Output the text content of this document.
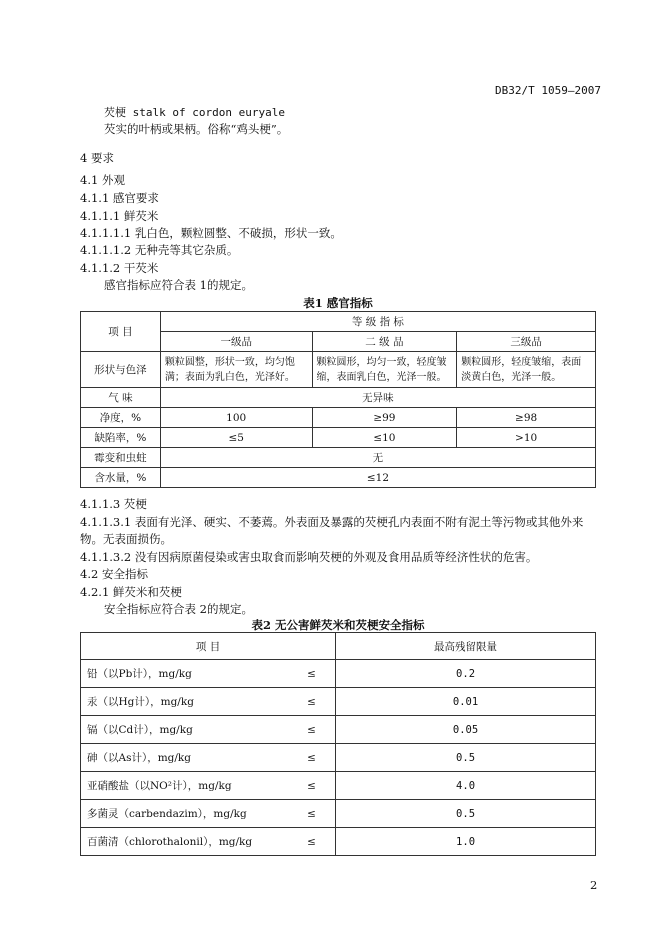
DB32/T 1059—2007
芡梗 stalk of cordon euryale
芡实的叶柄或果柄。俗称“鸡头梗”。
4 要求
4.1 外观
4.1.1 感官要求
4.1.1.1 鲜芡米
4.1.1.1.1 乳白色，颗粒圆整、不破损，形状一致。
4.1.1.1.2 无种壳等其它杂质。
4.1.1.2 干芡米
感官指标应符合表 1的规定。
表1 感官指标
项 目	等 级 指 标		
	一级品	二 级 品	三级品
形状与色泽	颗粒圆整，形状一致，均匀饱满；表面为乳白色，光泽好。	颗粒圆形，均匀一致，轻度皱缩，表面乳白色，光泽一般。	颗粒圆形，轻度皱缩，表面淡黄白色，光泽一般。
气 味	无异味		
净度，%	100	≥99	≥98
缺陷率，%	≤5	≤10	>10
霉变和虫蛀	无		
含水量，%	≤12		
4.1.1.3 芡梗
4.1.1.3.1 表面有光泽、硬实、不萎蔫。外表面及暴露的芡梗孔内表面不附有泥土等污物或其他外来
物。无表面损伤。
4.1.1.3.2 没有因病原菌侵染或害虫取食而影响芡梗的外观及食用品质等经济性状的危害。
4.2 安全指标
4.2.1 鲜芡米和芡梗
安全指标应符合表 2的规定。
表2 无公害鲜芡米和芡梗安全指标
项 目		最高残留限量
铅（以Pb计），mg/kg	≤	0.2
汞（以Hg计），mg/kg	≤	0.01
镉（以Cd计），mg/kg	≤	0.05
砷（以As计），mg/kg	≤	0.5
亚硝酸盐（以NO²计），mg/kg	≤	4.0
多菌灵（carbendazim），mg/kg	≤	0.5
百菌清（chlorothalonil），mg/kg	≤	1.0
2
